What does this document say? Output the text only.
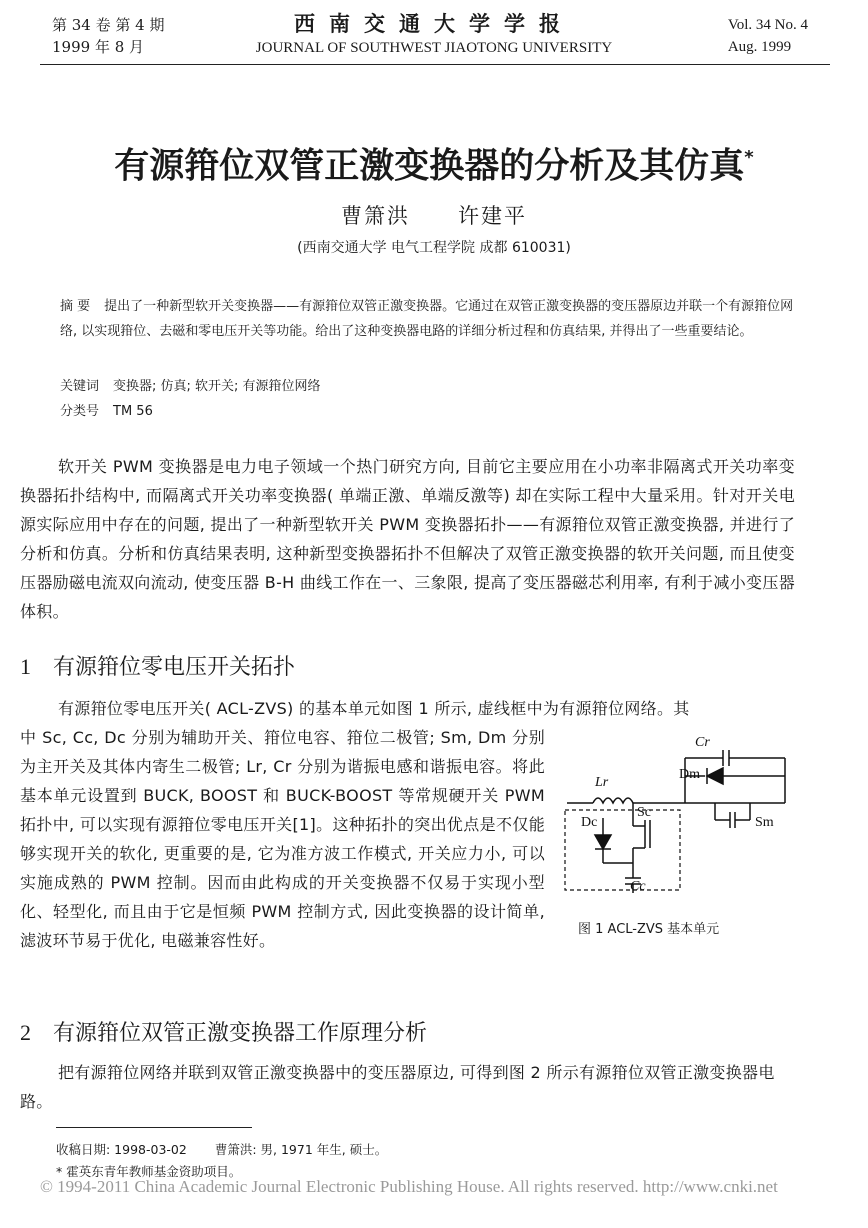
第 34 卷 第 4 期
1999 年 8 月
西南交通大学学报
JOURNAL OF SOUTHWEST JIAOTONG UNIVERSITY
Vol. 34 No. 4
Aug. 1999
有源箝位双管正激变换器的分析及其仿真*
曹箫洪 许建平
(西南交通大学 电气工程学院 成都 610031)
摘 要 提出了一种新型软开关变换器——有源箝位双管正激变换器。它通过在双管正激变换器的变压器原边并联一个有源箝位网络, 以实现箝位、去磁和零电压开关等功能。给出了这种变换器电路的详细分析过程和仿真结果, 并得出了一些重要结论。
关键词 变换器; 仿真; 软开关; 有源箝位网络
分类号 TM 56
软开关 PWM 变换器是电力电子领域一个热门研究方向, 目前它主要应用在小功率非隔离式开关功率变换器拓扑结构中, 而隔离式开关功率变换器( 单端正激、单端反激等) 却在实际工程中大量采用。针对开关电源实际应用中存在的问题, 提出了一种新型软开关 PWM 变换器拓扑——有源箝位双管正激变换器, 并进行了分析和仿真。分析和仿真结果表明, 这种新型变换器拓扑不但解决了双管正激变换器的软开关问题, 而且使变压器励磁电流双向流动, 使变压器 B-H 曲线工作在一、三象限, 提高了变压器磁芯利用率, 有利于减小变压器体积。
1 有源箝位零电压开关拓扑
有源箝位零电压开关( ACL-ZVS) 的基本单元如图 1 所示, 虚线框中为有源箝位网络。其
中 Sc, Cc, Dc 分别为辅助开关、箝位电容、箝位二极管; Sm, Dm 分别为主开关及其体内寄生二极管; Lr, Cr 分别为谐振电感和谐振电容。将此基本单元设置到 BUCK, BOOST 和 BUCK-BOOST 等常规硬开关 PWM 拓扑中, 可以实现有源箝位零电压开关[1]。这种拓扑的突出优点是不仅能够实现开关的软化, 更重要的是, 它为准方波工作模式, 开关应力小, 可以实施成熟的 PWM 控制。因而由此构成的开关变换器不仅易于实现小型化、轻型化, 而且由于它是恒频 PWM 控制方式, 因此变换器的设计简单, 滤波环节易于优化, 电磁兼容性好。
Cr
Lr
Cc
Dm
Sm
Sc
Dc
图 1 ACL-ZVS 基本单元
2 有源箝位双管正激变换器工作原理分析
把有源箝位网络并联到双管正激变换器中的变压器原边, 可得到图 2 所示有源箝位双管正激变换器电路。
收稿日期: 1998-03-02 曹箫洪: 男, 1971 年生, 硕士。
* 霍英东青年教师基金资助项目。
© 1994-2011 China Academic Journal Electronic Publishing House. All rights reserved. http://www.cnki.net
